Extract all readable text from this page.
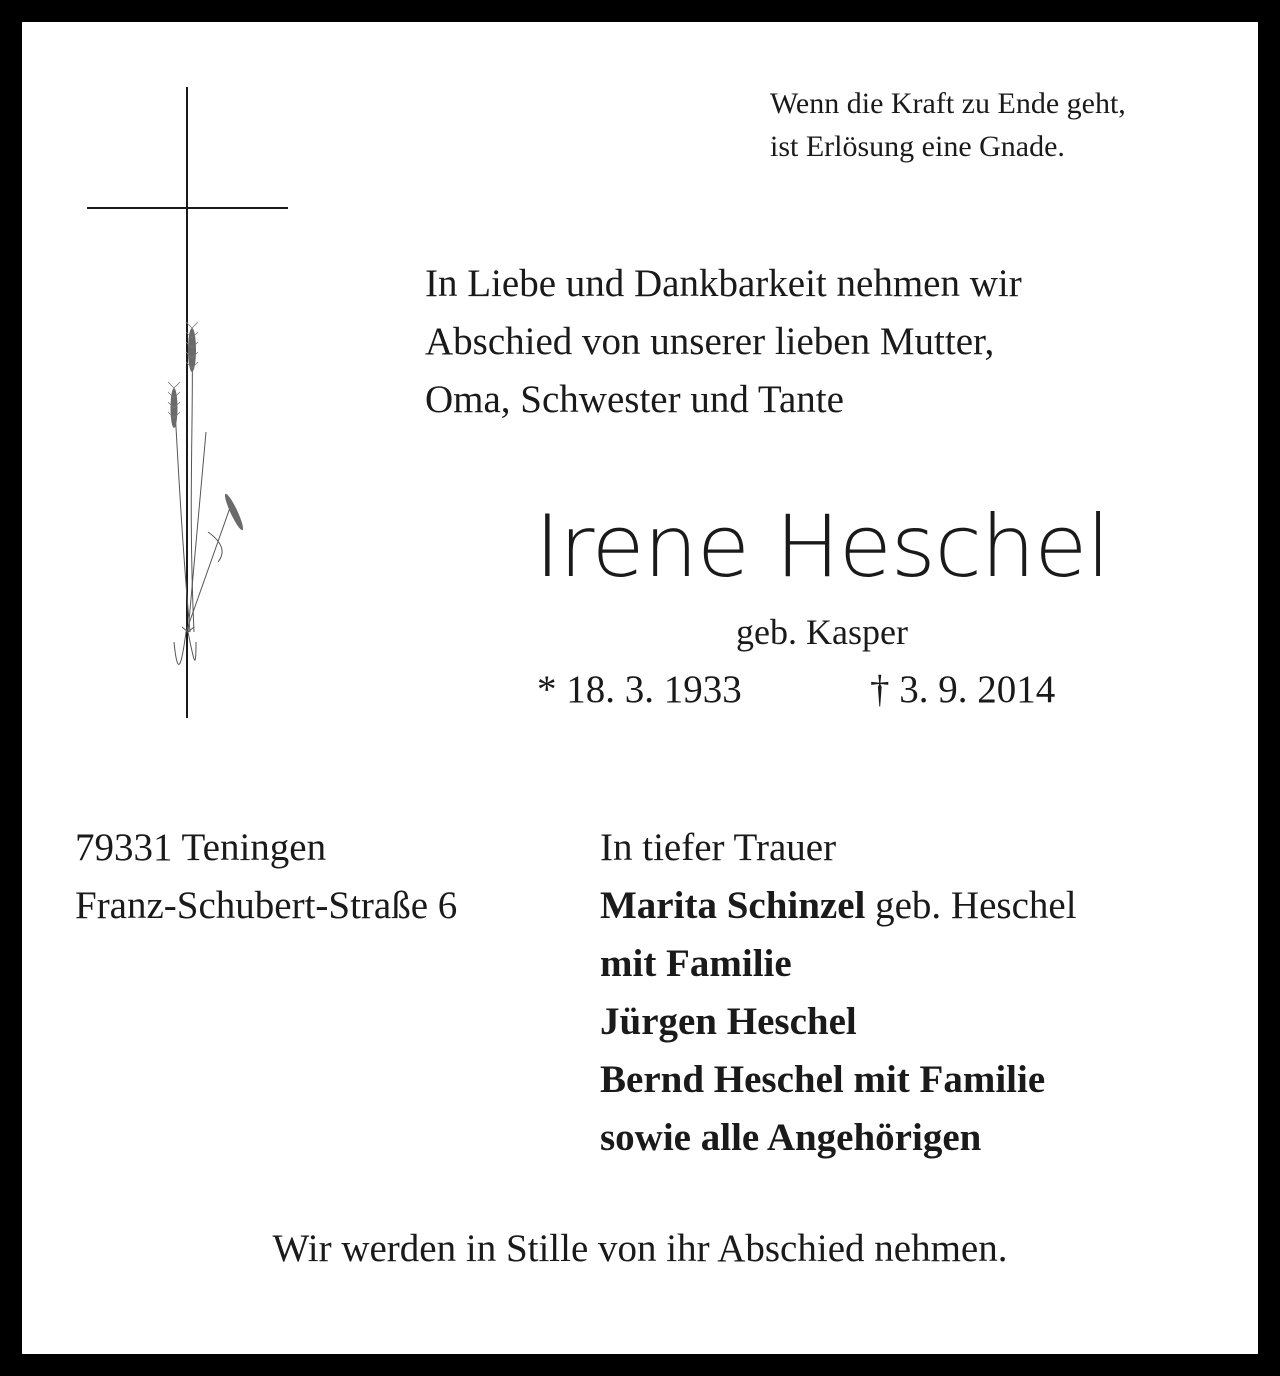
Wenn die Kraft zu Ende geht,
ist Erlösung eine Gnade.

In Liebe und Dankbarkeit nehmen wir
Abschied von unserer lieben Mutter,
Oma, Schwester und Tante

Irene Heschel

geb. Kasper

* 18. 3. 1933	† 3. 9. 2014

79331 Teningen
Franz-Schubert-Straße 6

In tiefer Trauer
Marita Schinzel geb. Heschel
mit Familie
Jürgen Heschel
Bernd Heschel mit Familie
sowie alle Angehörigen

Wir werden in Stille von ihr Abschied nehmen.
